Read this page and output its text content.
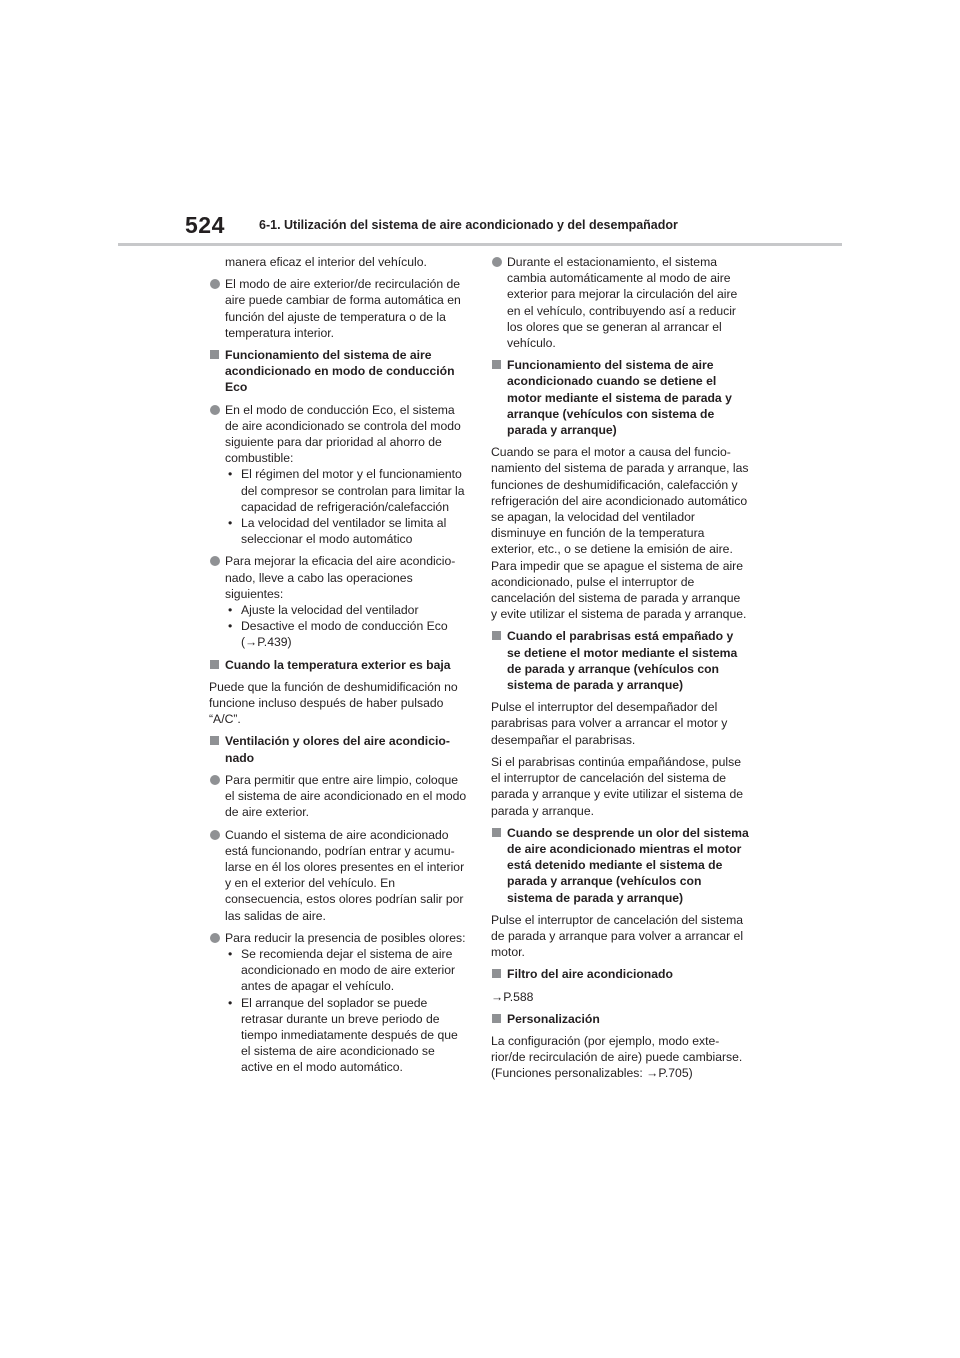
524	6-1. Utilización del sistema de aire acondicionado y del desempañador
manera eficaz el interior del vehículo.
El modo de aire exterior/de recirculación de aire puede cambiar de forma automática en función del ajuste de temperatura o de la temperatura interior.
Funcionamiento del sistema de aire acondicionado en modo de conducción Eco
En el modo de conducción Eco, el sistema de aire acondicionado se controla del modo siguiente para dar prioridad al ahorro de combustible:
• El régimen del motor y el funcionamiento del compresor se controlan para limitar la capacidad de refrigeración/calefacción
• La velocidad del ventilador se limita al seleccionar el modo automático
Para mejorar la eficacia del aire acondicionado, lleve a cabo las operaciones siguientes:
• Ajuste la velocidad del ventilador
• Desactive el modo de conducción Eco (→P.439)
Cuando la temperatura exterior es baja
Puede que la función de deshumidificación no funcione incluso después de haber pulsado “A/C”.
Ventilación y olores del aire acondicionado
Para permitir que entre aire limpio, coloque el sistema de aire acondicionado en el modo de aire exterior.
Cuando el sistema de aire acondicionado está funcionando, podrían entrar y acumularse en él los olores presentes en el interior y en el exterior del vehículo. En consecuencia, estos olores podrían salir por las salidas de aire.
Para reducir la presencia de posibles olores:
• Se recomienda dejar el sistema de aire acondicionado en modo de aire exterior antes de apagar el vehículo.
• El arranque del soplador se puede retrasar durante un breve periodo de tiempo inmediatamente después de que el sistema de aire acondicionado se active en el modo automático.
Durante el estacionamiento, el sistema cambia automáticamente al modo de aire exterior para mejorar la circulación del aire en el vehículo, contribuyendo así a reducir los olores que se generan al arrancar el vehículo.
Funcionamiento del sistema de aire acondicionado cuando se detiene el motor mediante el sistema de parada y arranque (vehículos con sistema de parada y arranque)
Cuando se para el motor a causa del funcionamiento del sistema de parada y arranque, las funciones de deshumidificación, calefacción y refrigeración del aire acondicionado automático se apagan, la velocidad del ventilador disminuye en función de la temperatura exterior, etc., o se detiene la emisión de aire. Para impedir que se apague el sistema de aire acondicionado, pulse el interruptor de cancelación del sistema de parada y arranque y evite utilizar el sistema de parada y arranque.
Cuando el parabrisas está empañado y se detiene el motor mediante el sistema de parada y arranque (vehículos con sistema de parada y arranque)
Pulse el interruptor del desempañador del parabrisas para volver a arrancar el motor y desempañar el parabrisas.
Si el parabrisas continúa empañándose, pulse el interruptor de cancelación del sistema de parada y arranque y evite utilizar el sistema de parada y arranque.
Cuando se desprende un olor del sistema de aire acondicionado mientras el motor está detenido mediante el sistema de parada y arranque (vehículos con sistema de parada y arranque)
Pulse el interruptor de cancelación del sistema de parada y arranque para volver a arrancar el motor.
Filtro del aire acondicionado
→P.588
Personalización
La configuración (por ejemplo, modo exterior/de recirculación de aire) puede cambiarse.
(Funciones personalizables: →P.705)
